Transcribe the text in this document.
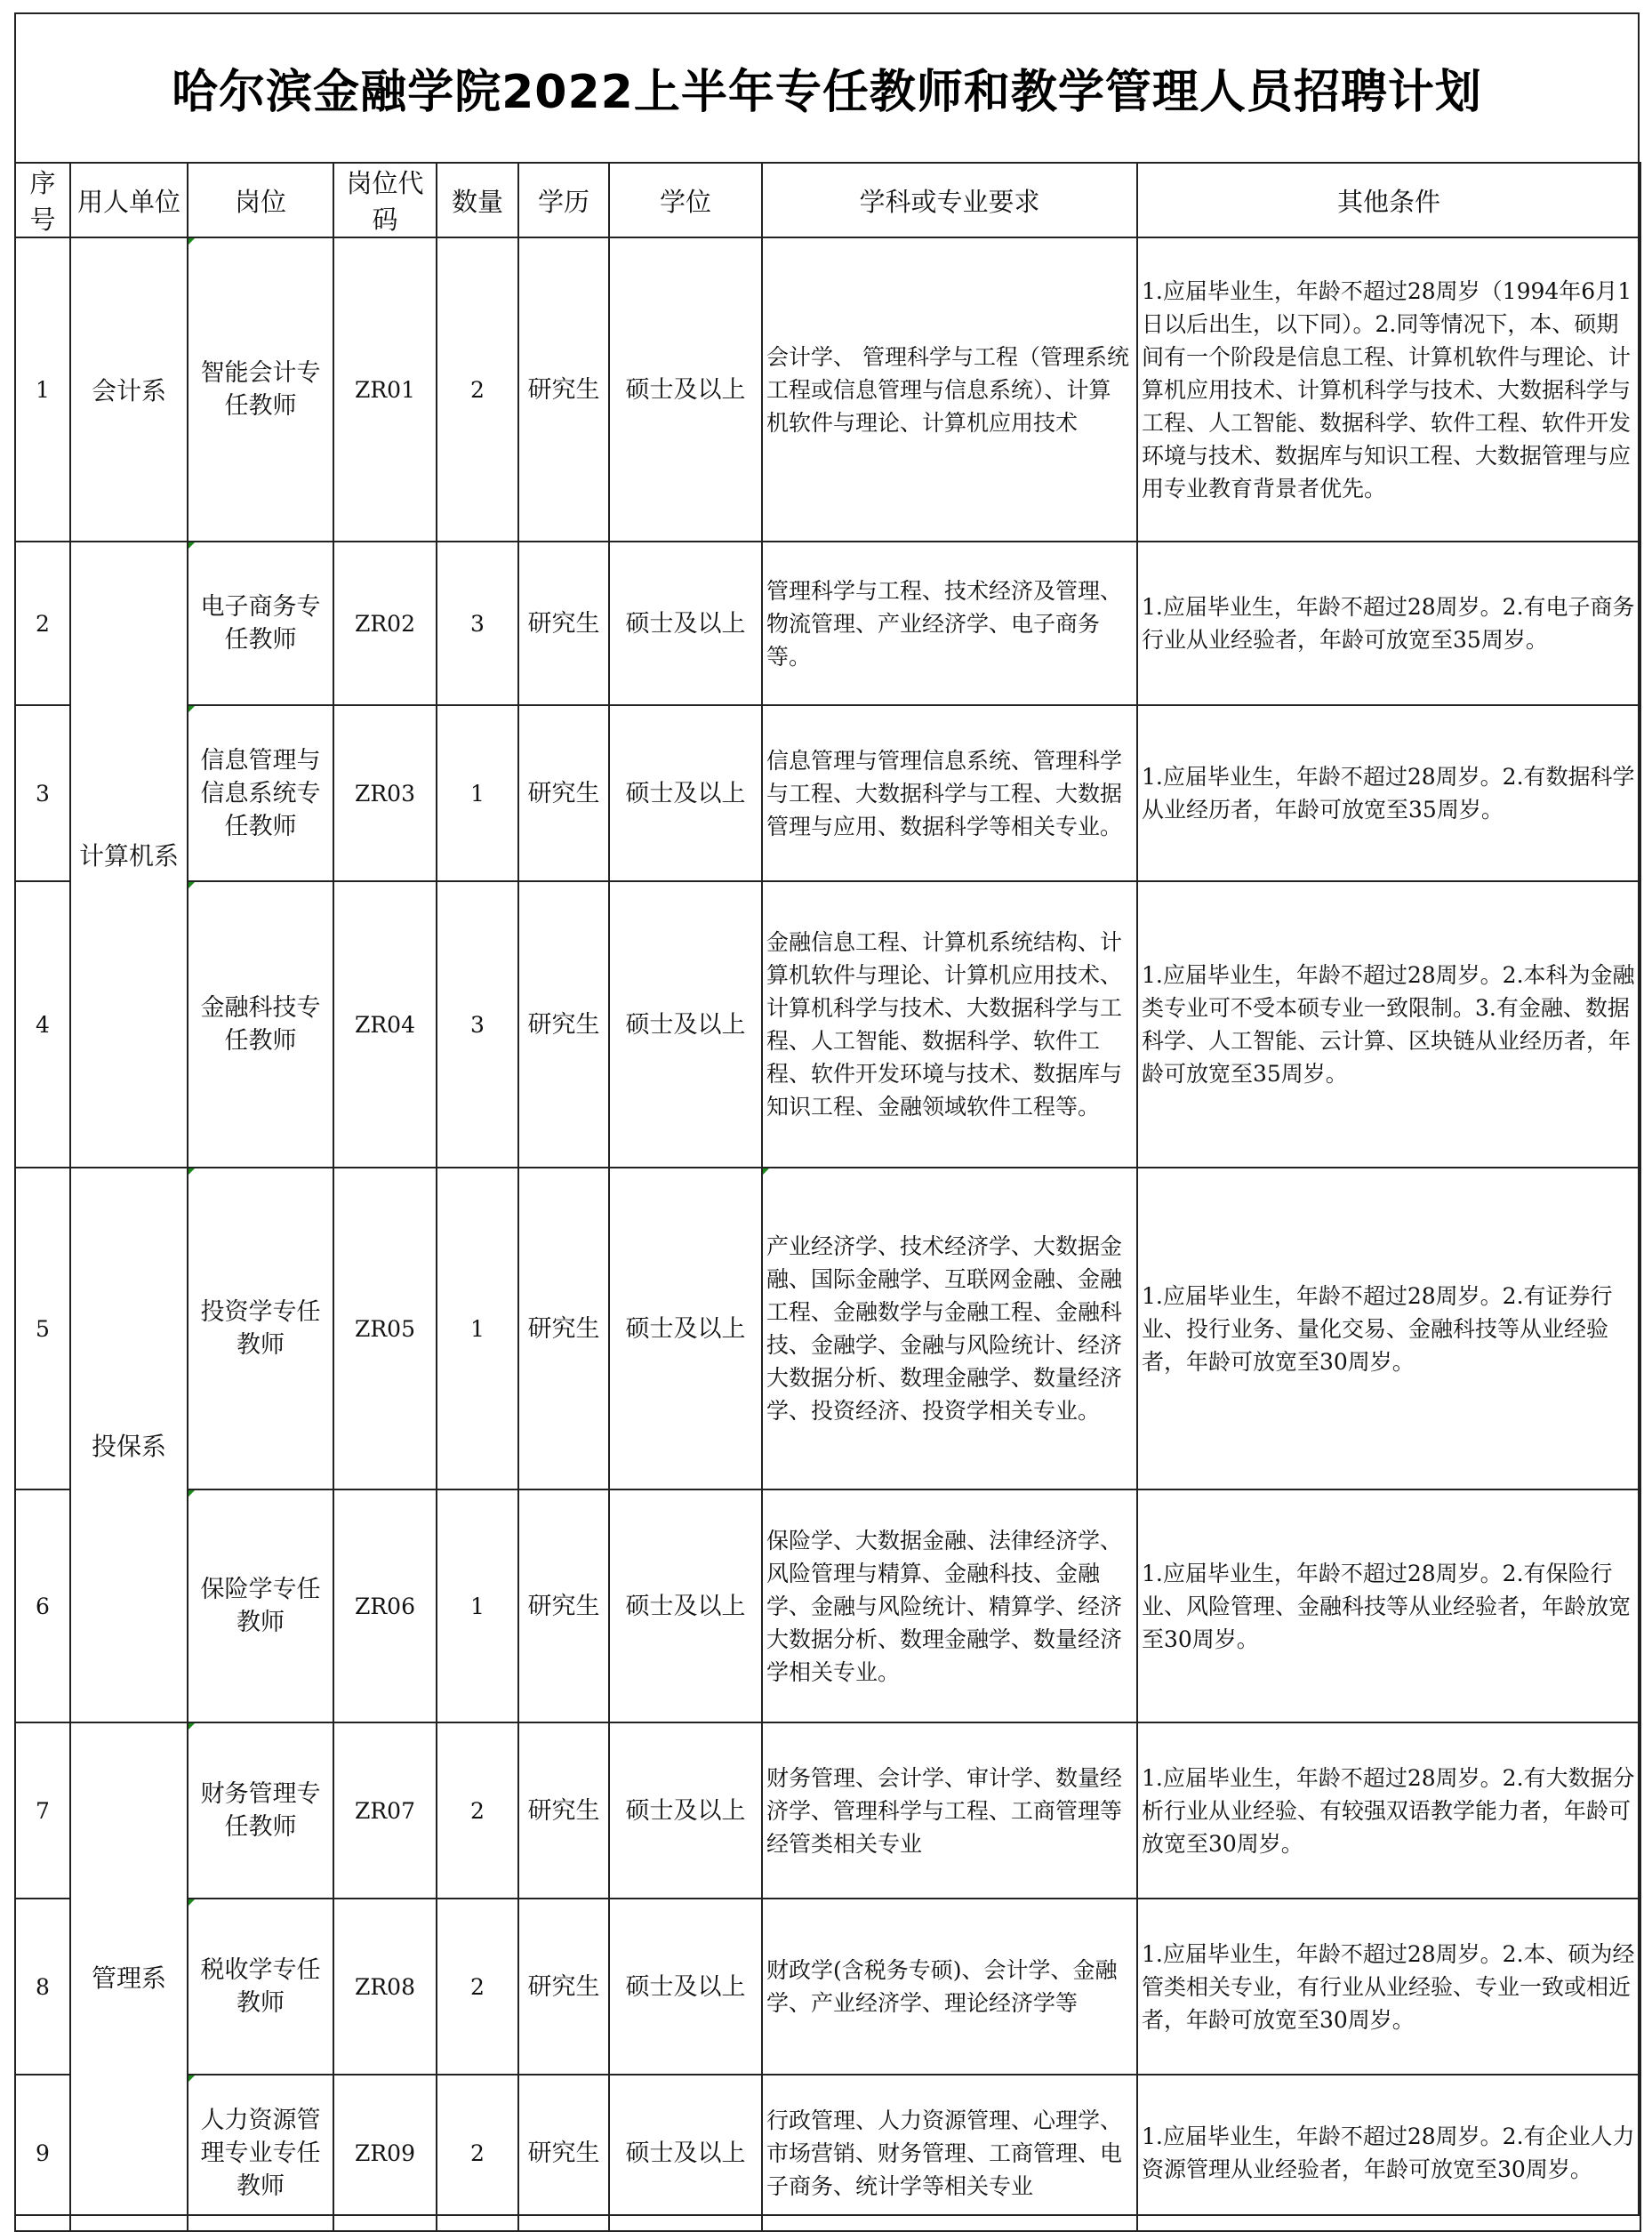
哈尔滨金融学院2022上半年专任教师和教学管理人员招聘计划
序号	用人单位	岗位	岗位代码	数量	学历	学位	学科或专业要求	其他条件
1	会计系	智能会计专任教师	ZR01	2	研究生	硕士及以上	会计学、 管理科学与工程（管理系统工程或信息管理与信息系统）、计算机软件与理论、计算机应用技术	1.应届毕业生，年龄不超过28周岁（1994年6月1日以后出生，以下同）。2.同等情况下，本、硕期间有一个阶段是信息工程、计算机软件与理论、计算机应用技术、计算机科学与技术、大数据科学与工程、人工智能、数据科学、软件工程、软件开发环境与技术、数据库与知识工程、大数据管理与应用专业教育背景者优先。
2	计算机系	电子商务专任教师	ZR02	3	研究生	硕士及以上	管理科学与工程、技术经济及管理、物流管理、产业经济学、电子商务等。	1.应届毕业生，年龄不超过28周岁。2.有电子商务行业从业经验者，年龄可放宽至35周岁。
3		信息管理与信息系统专任教师	ZR03	1	研究生	硕士及以上	信息管理与管理信息系统、管理科学与工程、大数据科学与工程、大数据管理与应用、数据科学等相关专业。	1.应届毕业生，年龄不超过28周岁。2.有数据科学从业经历者，年龄可放宽至35周岁。
4		金融科技专任教师	ZR04	3	研究生	硕士及以上	金融信息工程、计算机系统结构、计算机软件与理论、计算机应用技术、计算机科学与技术、大数据科学与工程、人工智能、数据科学、软件工程、软件开发环境与技术、数据库与知识工程、金融领域软件工程等。	1.应届毕业生，年龄不超过28周岁。2.本科为金融类专业可不受本硕专业一致限制。3.有金融、数据科学、人工智能、云计算、区块链从业经历者，年龄可放宽至35周岁。
5	投保系	投资学专任教师	ZR05	1	研究生	硕士及以上	产业经济学、技术经济学、大数据金融、国际金融学、互联网金融、金融工程、金融数学与金融工程、金融科技、金融学、金融与风险统计、经济大数据分析、数理金融学、数量经济学、投资经济、投资学相关专业。	1.应届毕业生，年龄不超过28周岁。2.有证券行业、投行业务、量化交易、金融科技等从业经验者，年龄可放宽至30周岁。
6		保险学专任教师	ZR06	1	研究生	硕士及以上	保险学、大数据金融、法律经济学、风险管理与精算、金融科技、金融学、金融与风险统计、精算学、经济大数据分析、数理金融学、数量经济学相关专业。	1.应届毕业生，年龄不超过28周岁。2.有保险行业、风险管理、金融科技等从业经验者，年龄放宽至30周岁。
7	管理系	财务管理专任教师	ZR07	2	研究生	硕士及以上	财务管理、会计学、审计学、数量经济学、管理科学与工程、工商管理等经管类相关专业	1.应届毕业生，年龄不超过28周岁。2.有大数据分析行业从业经验、有较强双语教学能力者，年龄可放宽至30周岁。
8		税收学专任教师	ZR08	2	研究生	硕士及以上	财政学(含税务专硕)、会计学、金融学、产业经济学、理论经济学等	1.应届毕业生，年龄不超过28周岁。2.本、硕为经管类相关专业，有行业从业经验、专业一致或相近者，年龄可放宽至30周岁。
9		人力资源管理专业专任教师	ZR09	2	研究生	硕士及以上	行政管理、人力资源管理、心理学、市场营销、财务管理、工商管理、电子商务、统计学等相关专业	1.应届毕业生，年龄不超过28周岁。2.有企业人力资源管理从业经验者，年龄可放宽至30周岁。
